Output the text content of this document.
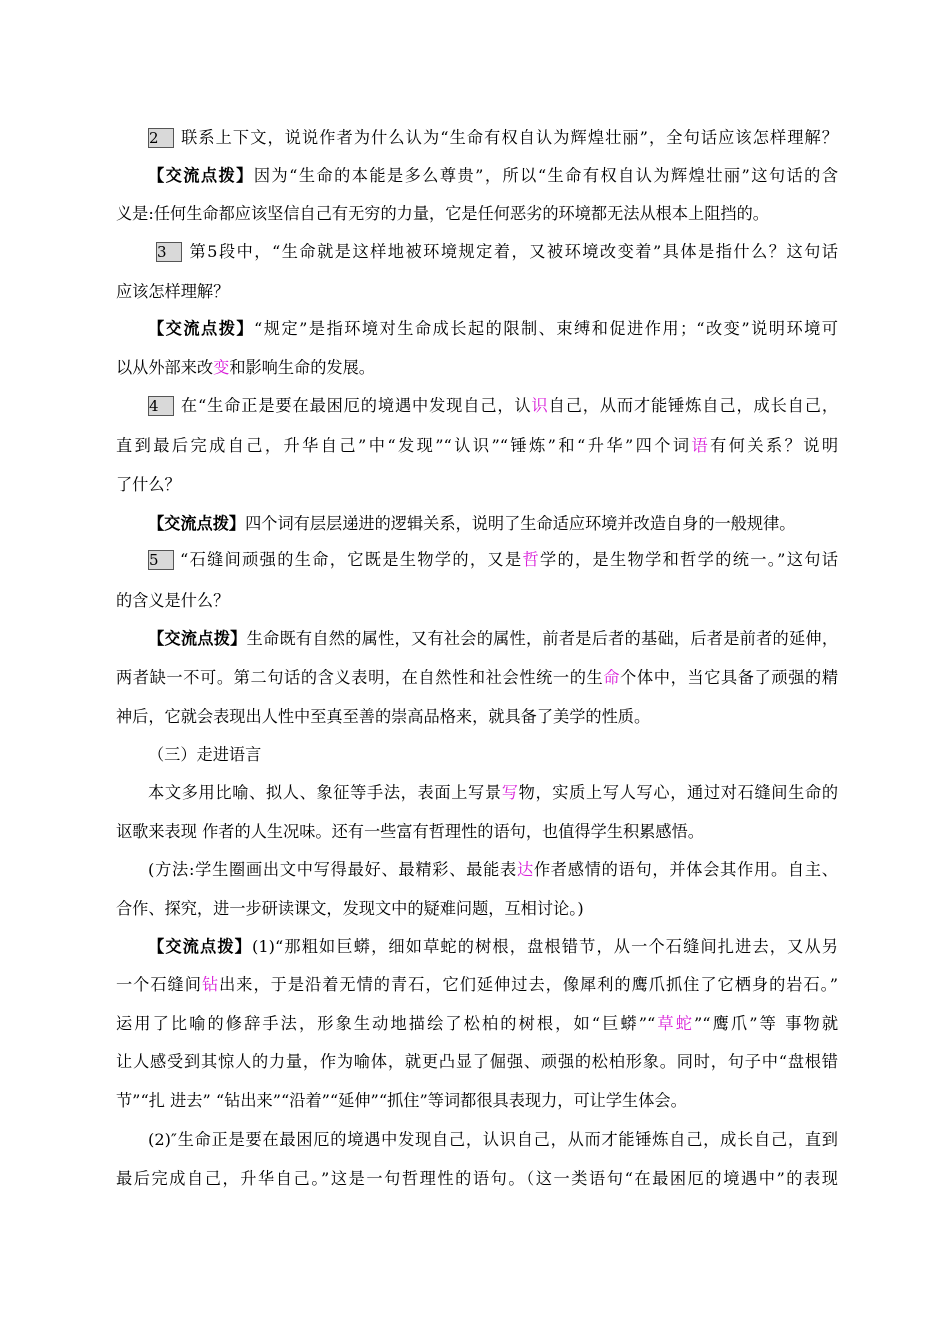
2 联系上下文，说说作者为什么认为“生命有权自认为辉煌壮丽”，全句话应该怎样理解？
【交流点拨】因为“生命的本能是多么尊贵”，所以“生命有权自认为辉煌壮丽”这句话的含
义是:任何生命都应该坚信自己有无穷的力量，它是任何恶劣的环境都无法从根本上阻挡的。
3 第5段中，“生命就是这样地被环境规定着，又被环境改变着”具体是指什么？这句话
应该怎样理解？
【交流点拨】“规定”是指环境对生命成长起的限制、束缚和促进作用；“改变”说明环境可
以从外部来改变和影响生命的发展。
4 在“生命正是要在最困厄的境遇中发现自己，认识自己，从而才能锤炼自己，成长自己，
直到最后完成自己，升华自己”中“发现”“认识”“锤炼”和“升华”四个词语有何关系？说明
了什么？
【交流点拨】四个词有层层递进的逻辑关系，说明了生命适应环境并改造自身的一般规律。
5 “石缝间顽强的生命，它既是生物学的，又是哲学的，是生物学和哲学的统一。”这句话
的含义是什么？
【交流点拨】生命既有自然的属性，又有社会的属性，前者是后者的基础，后者是前者的延伸，
两者缺一不可。第二句话的含义表明，在自然性和社会性统一的生命个体中，当它具备了顽强的精
神后，它就会表现出人性中至真至善的崇高品格来，就具备了美学的性质。
（三）走进语言
本文多用比喻、拟人、象征等手法，表面上写景写物，实质上写人写心，通过对石缝间生命的
讴歌来表现 作者的人生况味。还有一些富有哲理性的语句，也值得学生积累感悟。
(方法:学生圈画出文中写得最好、最精彩、最能表达作者感情的语句，并体会其作用。自主、
合作、探究，进一步研读课文，发现文中的疑难问题，互相讨论。)
【交流点拨】(1)“那粗如巨蟒，细如草蛇的树根，盘根错节，从一个石缝间扎进去，又从另
一个石缝间钻出来，于是沿着无情的青石，它们延伸过去，像犀利的鹰爪抓住了它栖身的岩石。”
运用了比喻的修辞手法，形象生动地描绘了松柏的树根，如“巨蟒”“草蛇”“鹰爪”等 事物就
让人感受到其惊人的力量，作为喻体，就更凸显了倔强、顽强的松柏形象。同时，句子中“盘根错
节”“扎 进去” “钻出来”“沿着”“延伸”“抓住”等词都很具表现力，可让学生体会。
(2)″生命正是要在最困厄的境遇中发现自己，认识自己，从而才能锤炼自己，成长自己，直到
最后完成自己，升华自己。”这是一句哲理性的语句。（这一类语句“在最困厄的境遇中”的表现
